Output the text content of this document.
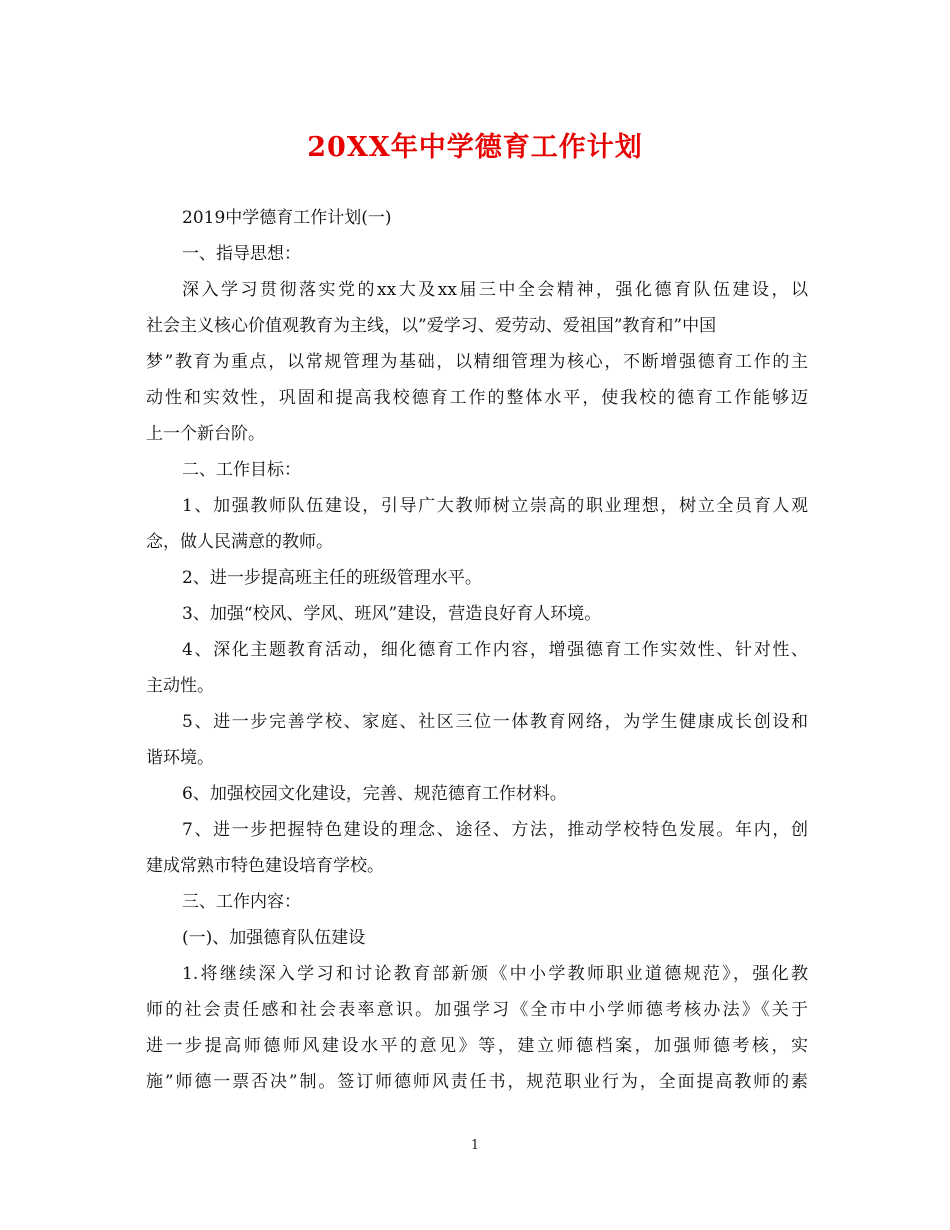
20XX年中学德育工作计划
2019中学德育工作计划(一)
一、指导思想：
深入学习贯彻落实党的xx大及xx届三中全会精神，强化德育队伍建设，以
社会主义核心价值观教育为主线，以”爱学习、爱劳动、爱祖国”教育和”中国
梦”教育为重点，以常规管理为基础，以精细管理为核心，不断增强德育工作的主
动性和实效性，巩固和提高我校德育工作的整体水平，使我校的德育工作能够迈
上一个新台阶。
二、工作目标：
1、加强教师队伍建设，引导广大教师树立崇高的职业理想，树立全员育人观
念，做人民满意的教师。
2、进一步提高班主任的班级管理水平。
3、加强“校风、学风、班风”建设，营造良好育人环境。
4、深化主题教育活动，细化德育工作内容，增强德育工作实效性、针对性、
主动性。
5、进一步完善学校、家庭、社区三位一体教育网络，为学生健康成长创设和
谐环境。
6、加强校园文化建设，完善、规范德育工作材料。
7、进一步把握特色建设的理念、途径、方法，推动学校特色发展。年内，创
建成常熟市特色建设培育学校。
三、工作内容：
(一)、加强德育队伍建设
1.将继续深入学习和讨论教育部新颁《中小学教师职业道德规范》，强化教
师的社会责任感和社会表率意识。加强学习《全市中小学师德考核办法》《关于
进一步提高师德师风建设水平的意见》等，建立师德档案，加强师德考核，实
施”师德一票否决”制。签订师德师风责任书，规范职业行为，全面提高教师的素
1
